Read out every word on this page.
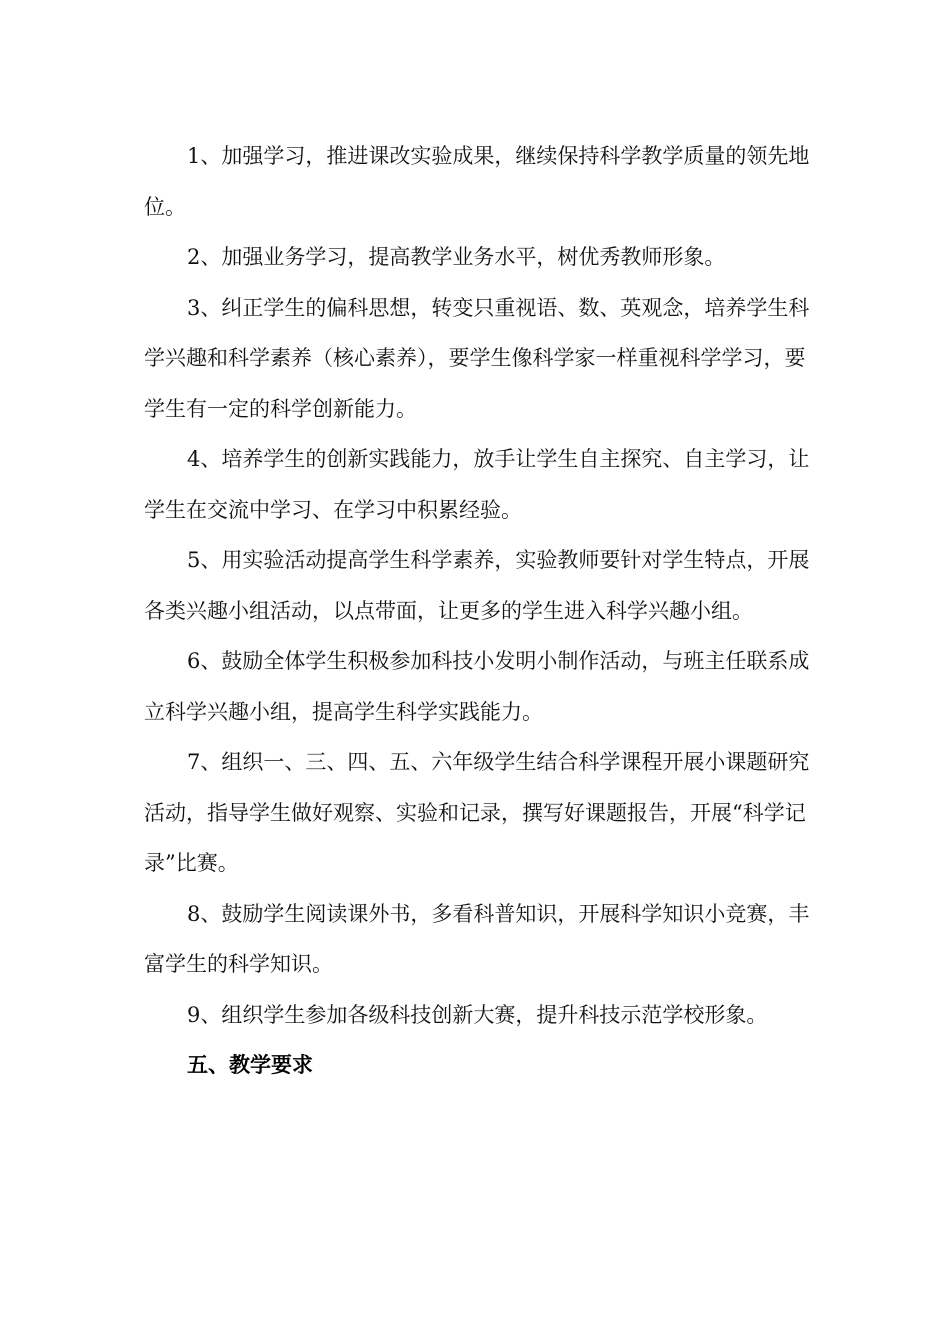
1、加强学习，推进课改实验成果，继续保持科学教学质量的领先地位。

2、加强业务学习，提高教学业务水平，树优秀教师形象。

3、纠正学生的偏科思想，转变只重视语、数、英观念，培养学生科学兴趣和科学素养（核心素养），要学生像科学家一样重视科学学习，要学生有一定的科学创新能力。

4、培养学生的创新实践能力，放手让学生自主探究、自主学习，让学生在交流中学习、在学习中积累经验。

5、用实验活动提高学生科学素养，实验教师要针对学生特点，开展各类兴趣小组活动，以点带面，让更多的学生进入科学兴趣小组。

6、鼓励全体学生积极参加科技小发明小制作活动，与班主任联系成立科学兴趣小组，提高学生科学实践能力。

7、组织一、三、四、五、六年级学生结合科学课程开展小课题研究活动，指导学生做好观察、实验和记录，撰写好课题报告，开展“科学记录”比赛。

8、鼓励学生阅读课外书，多看科普知识，开展科学知识小竞赛，丰富学生的科学知识。

9、组织学生参加各级科技创新大赛，提升科技示范学校形象。

五、教学要求
